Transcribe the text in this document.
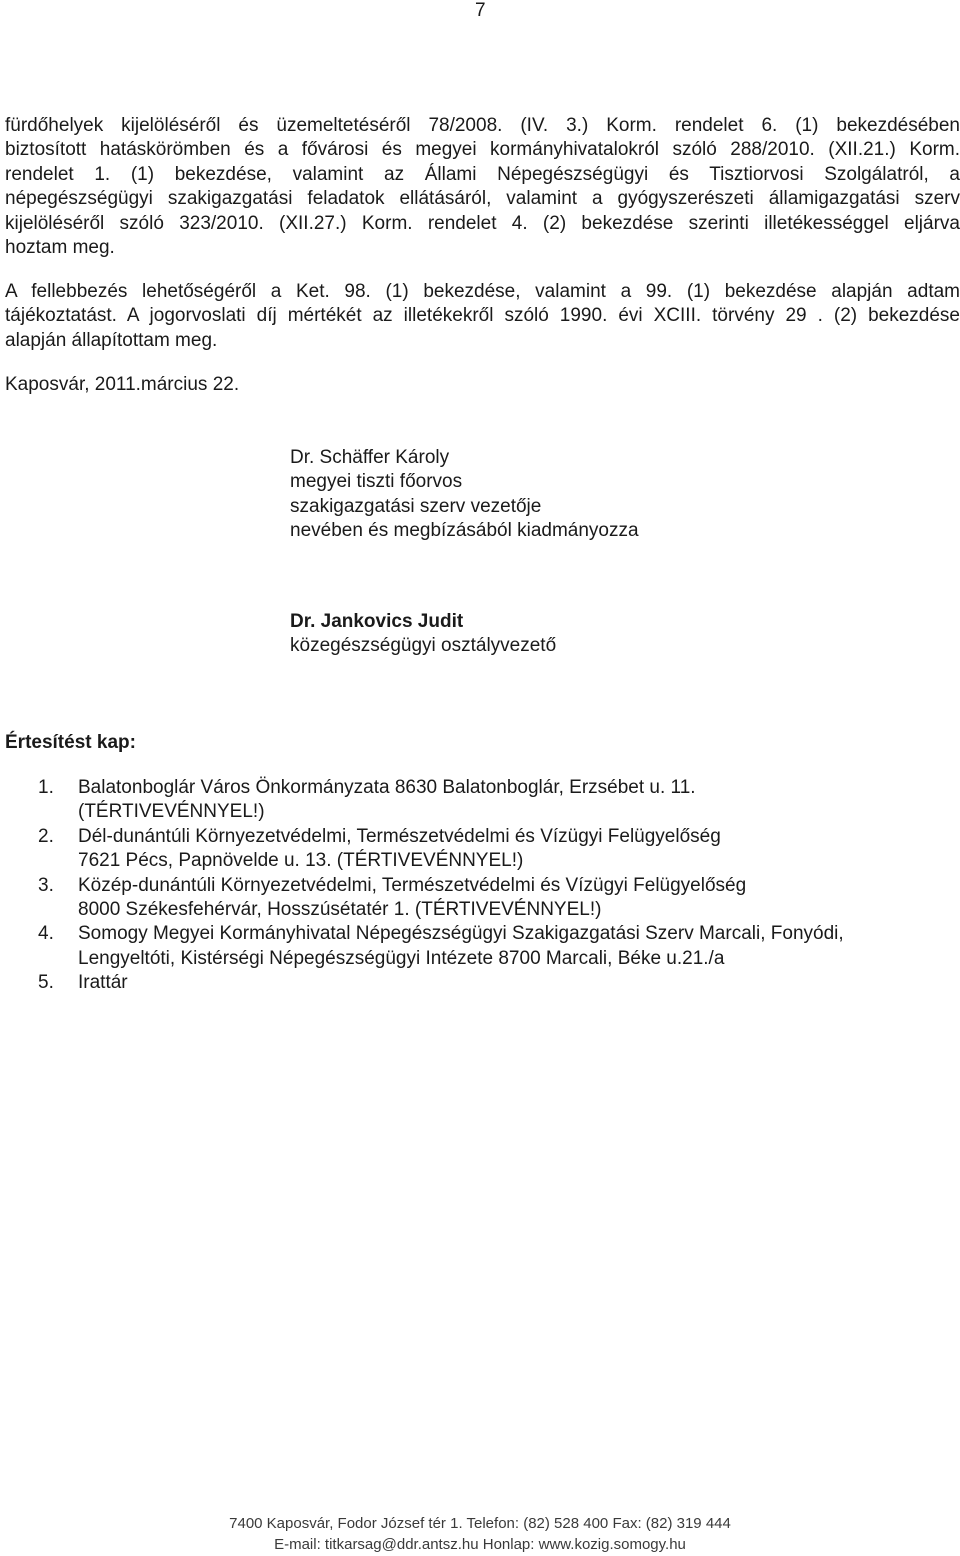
7
fürdőhelyek kijelöléséről és üzemeltetéséről 78/2008. (IV. 3.) Korm. rendelet 6. (1) bekezdésében
biztosított hatáskörömben és a fővárosi és megyei kormányhivatalokról szóló 288/2010. (XII.21.) Korm.
rendelet 1. (1) bekezdése, valamint az Állami Népegészségügyi és Tisztiorvosi Szolgálatról, a
népegészségügyi szakigazgatási feladatok ellátásáról, valamint a gyógyszerészeti államigazgatási szerv
kijelöléséről szóló 323/2010. (XII.27.) Korm. rendelet 4. (2) bekezdése szerinti illetékességgel eljárva
hoztam meg.
A fellebbezés lehetőségéről a Ket. 98. (1) bekezdése, valamint a 99. (1) bekezdése alapján adtam
tájékoztatást. A jogorvoslati díj mértékét az illetékekről szóló 1990. évi XCIII. törvény 29 . (2) bekezdése
alapján állapítottam meg.
Kaposvár, 2011.március 22.
Dr. Schäffer Károly
megyei tiszti főorvos
szakigazgatási szerv vezetője
nevében és megbízásából kiadmányozza
Dr. Jankovics Judit
közegészségügyi osztályvezető
Értesítést kap:
1. Balatonboglár Város Önkormányzata 8630 Balatonboglár, Erzsébet u. 11.
(TÉRTIVEVÉNNYEL!)
2. Dél-dunántúli Környezetvédelmi, Természetvédelmi és Vízügyi Felügyelőség
7621 Pécs, Papnövelde u. 13. (TÉRTIVEVÉNNYEL!)
3. Közép-dunántúli Környezetvédelmi, Természetvédelmi és Vízügyi Felügyelőség
8000 Székesfehérvár, Hosszúsétatér 1. (TÉRTIVEVÉNNYEL!)
4. Somogy Megyei Kormányhivatal Népegészségügyi Szakigazgatási Szerv Marcali, Fonyódi,
Lengyeltóti, Kistérségi Népegészségügyi Intézete 8700 Marcali, Béke u.21./a
5. Irattár
7400 Kaposvár, Fodor József tér 1. Telefon: (82) 528 400 Fax: (82) 319 444
E-mail: titkarsag@ddr.antsz.hu Honlap: www.kozig.somogy.hu
